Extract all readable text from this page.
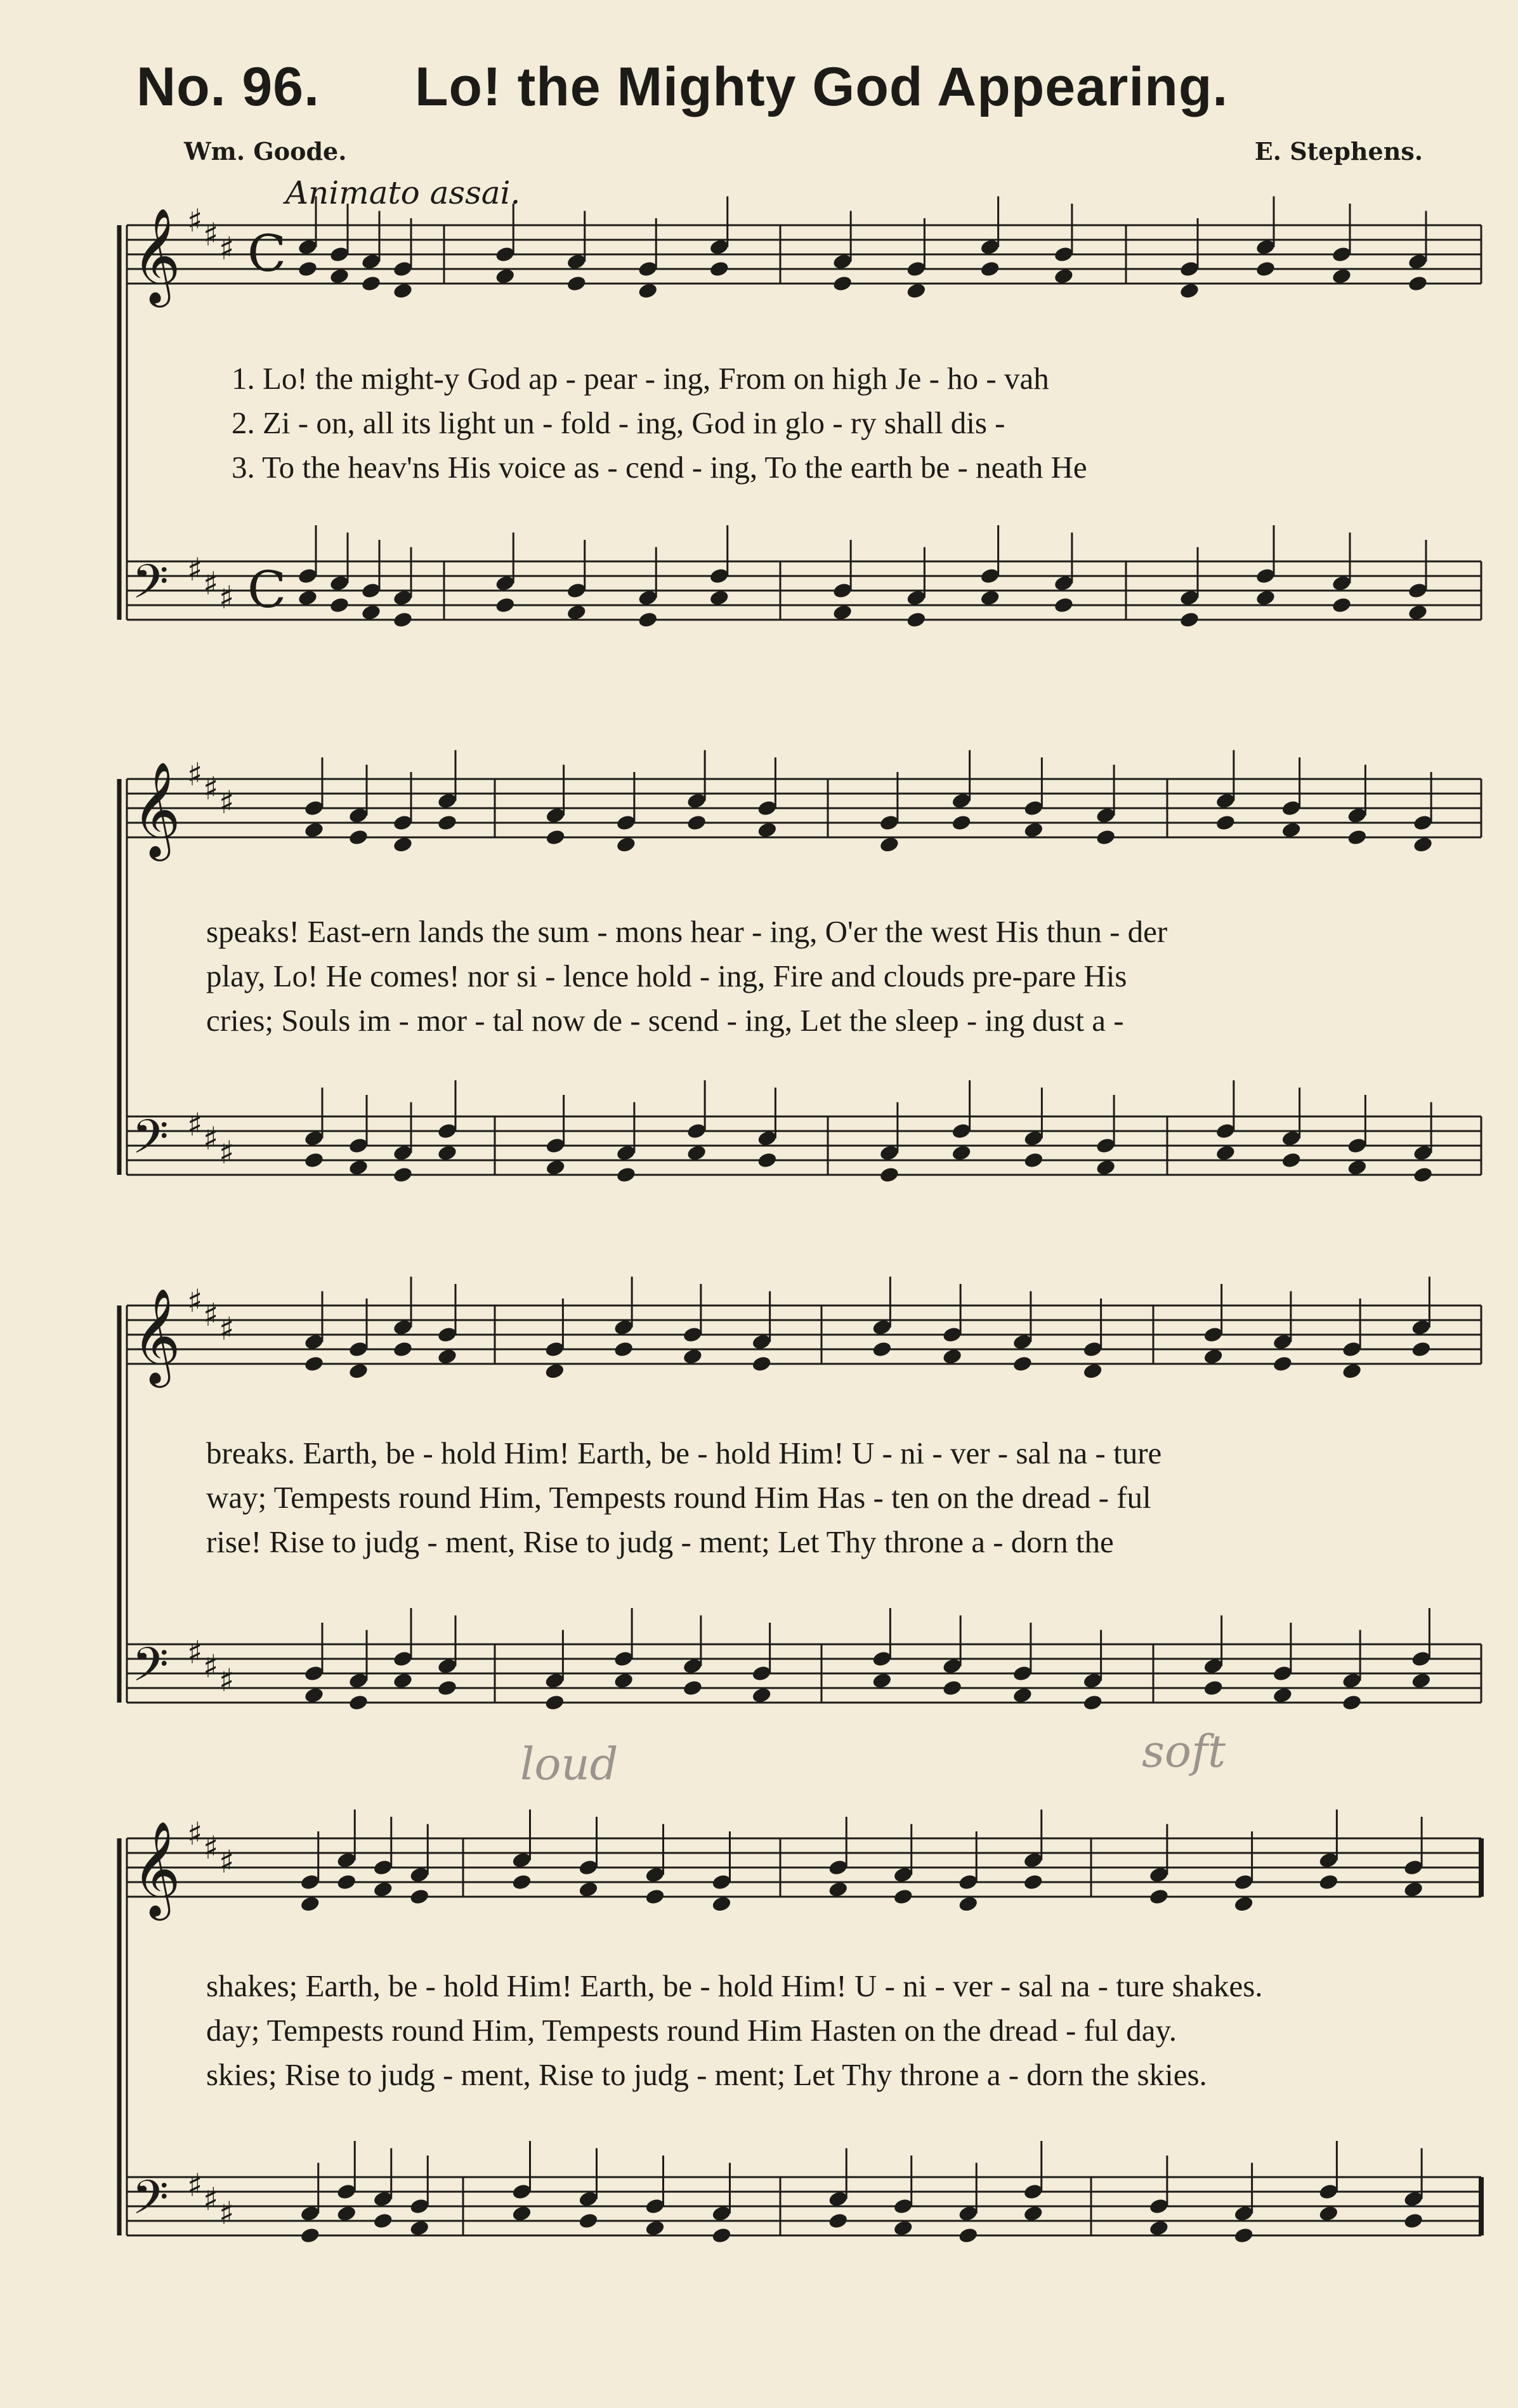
No. 96. Lo! the Mighty God Appearing.
Wm. Goode.	E. Stephens.
Animato assai.
𝄞 ♯ ♯ ♯ C
𝄢 ♯ ♯ ♯ C
𝄞 ♯ ♯ ♯
𝄢 ♯ ♯ ♯
𝄞 ♯ ♯ ♯
𝄢 ♯ ♯ ♯
𝄞 ♯ ♯ ♯
𝄢 ♯ ♯ ♯
1. Lo! the might-y God ap - pear - ing, From on high Je - ho - vah
2. Zi - on, all its light un - fold - ing, God in glo - ry shall dis -
3. To the heav'ns His voice as - cend - ing, To the earth be - neath He
speaks! East-ern lands the sum - mons hear - ing, O'er the west His thun - der
play, Lo! He comes! nor si - lence hold - ing, Fire and clouds pre-pare His
cries; Souls im - mor - tal now de - scend - ing, Let the sleep - ing dust a -
breaks. Earth, be - hold Him! Earth, be - hold Him! U - ni - ver - sal na - ture
way; Tempests round Him, Tempests round Him Has - ten on the dread - ful
rise! Rise to judg - ment, Rise to judg - ment; Let Thy throne a - dorn the
shakes; Earth, be - hold Him! Earth, be - hold Him! U - ni - ver - sal na - ture shakes.
day; Tempests round Him, Tempests round Him Hasten on the dread - ful day.
skies; Rise to judg - ment, Rise to judg - ment; Let Thy throne a - dorn the skies.
loud	soft
